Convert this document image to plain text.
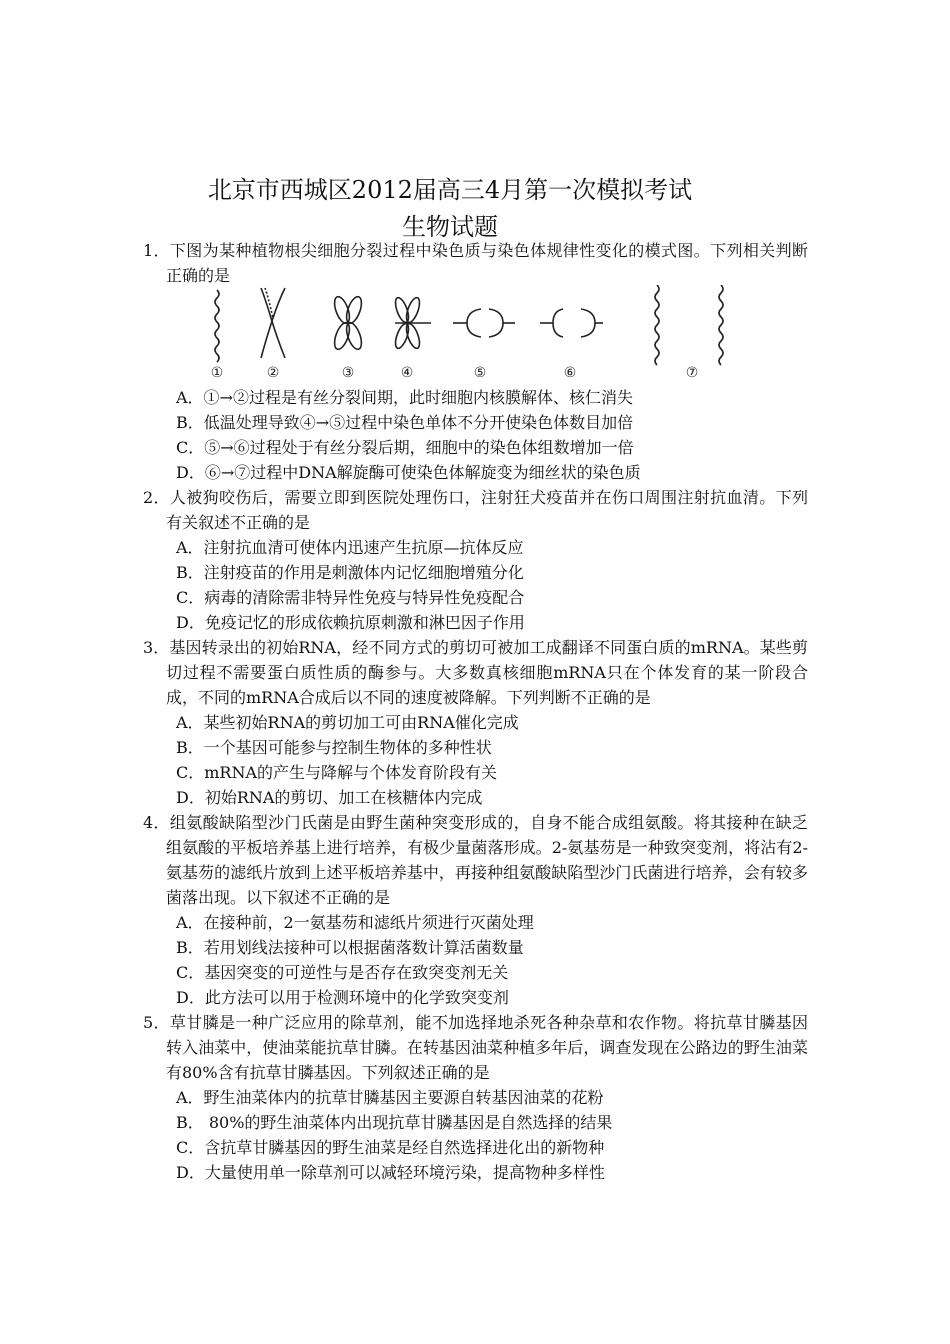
北京市西城区2012届高三4月第一次模拟考试
生物试题
1．下图为某种植物根尖细胞分裂过程中染色质与染色体规律性变化的模式图。下列相关判断正确的是
①	②	③	④	⑤	⑥	⑦
A．①→②过程是有丝分裂间期，此时细胞内核膜解体、核仁消失
B．低温处理导致④→⑤过程中染色单体不分开使染色体数目加倍
C．⑤→⑥过程处于有丝分裂后期，细胞中的染色体组数增加一倍
D．⑥→⑦过程中DNA解旋酶可使染色体解旋变为细丝状的染色质
2．人被狗咬伤后，需要立即到医院处理伤口，注射狂犬疫苗并在伤口周围注射抗血清。下列有关叙述不正确的是
A．注射抗血清可使体内迅速产生抗原—抗体反应
B．注射疫苗的作用是刺激体内记忆细胞增殖分化
C．病毒的清除需非特异性免疫与特异性免疫配合
D．免疫记忆的形成依赖抗原刺激和淋巴因子作用
3．基因转录出的初始RNA，经不同方式的剪切可被加工成翻译不同蛋白质的mRNA。某些剪切过程不需要蛋白质性质的酶参与。大多数真核细胞mRNA只在个体发育的某一阶段合成，不同的mRNA合成后以不同的速度被降解。下列判断不正确的是
A．某些初始RNA的剪切加工可由RNA催化完成
B．一个基因可能参与控制生物体的多种性状
C．mRNA的产生与降解与个体发育阶段有关
D．初始RNA的剪切、加工在核糖体内完成
4．组氨酸缺陷型沙门氏菌是由野生菌种突变形成的，自身不能合成组氨酸。将其接种在缺乏组氨酸的平板培养基上进行培养，有极少量菌落形成。2-氨基芴是一种致突变剂，将沾有2-氨基芴的滤纸片放到上述平板培养基中，再接种组氨酸缺陷型沙门氏菌进行培养，会有较多菌落出现。以下叙述不正确的是
A．在接种前，2一氨基芴和滤纸片须进行灭菌处理
B．若用划线法接种可以根据菌落数计算活菌数量
C．基因突变的可逆性与是否存在致突变剂无关
D．此方法可以用于检测环境中的化学致突变剂
5．草甘膦是一种广泛应用的除草剂，能不加选择地杀死各种杂草和农作物。将抗草甘膦基因转入油菜中，使油菜能抗草甘膦。在转基因油菜种植多年后，调查发现在公路边的野生油菜有80%含有抗草甘膦基因。下列叙述正确的是
A．野生油菜体内的抗草甘膦基因主要源自转基因油菜的花粉
B． 80%的野生油菜体内出现抗草甘膦基因是自然选择的结果
C．含抗草甘膦基因的野生油菜是经自然选择进化出的新物种
D．大量使用单一除草剂可以减轻环境污染，提高物种多样性
